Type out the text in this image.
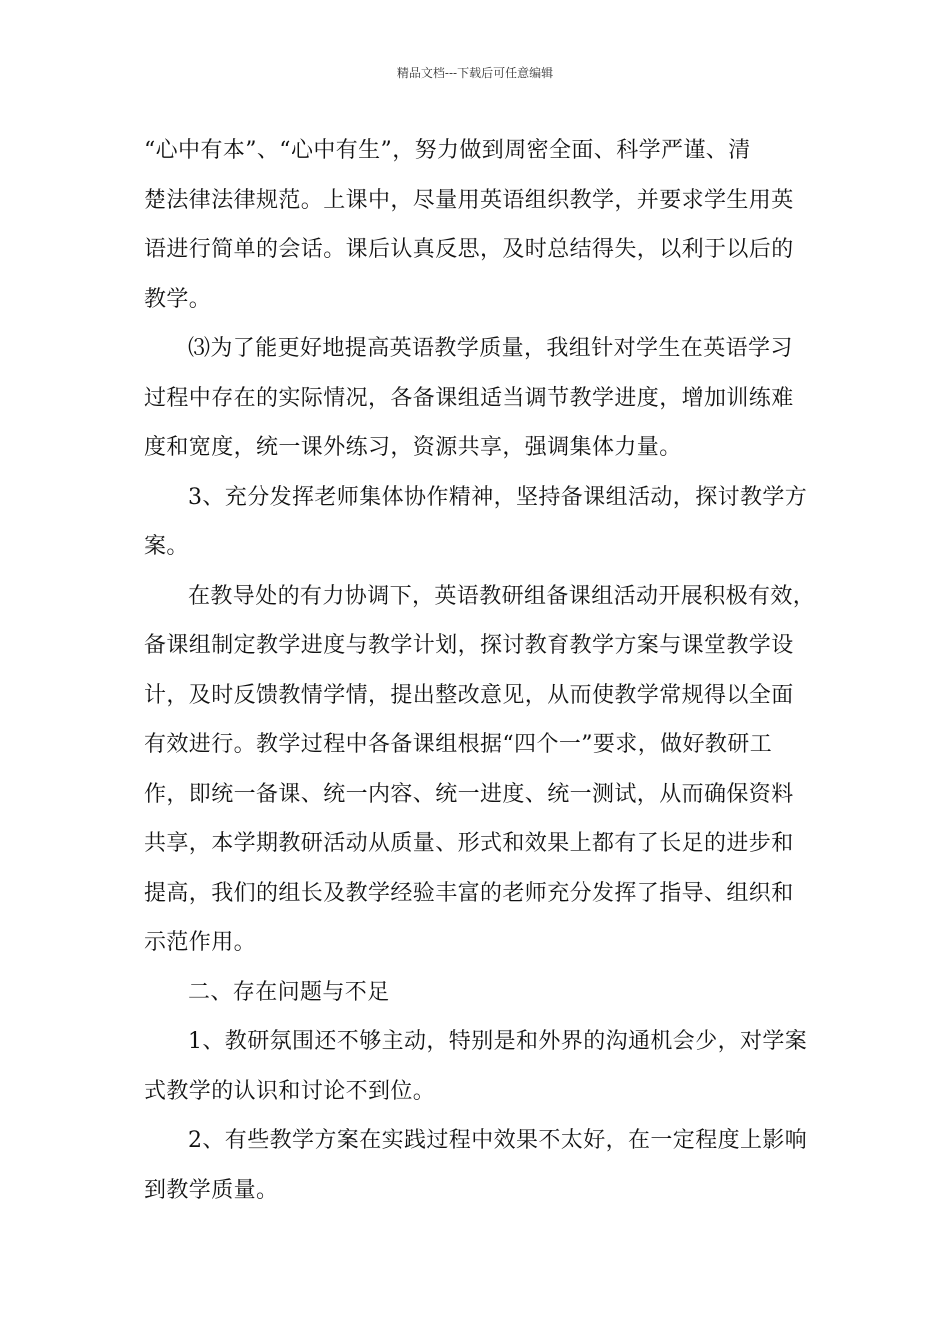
精品文档---下载后可任意编辑
“心中有本”、“心中有生”，努力做到周密全面、科学严谨、清
楚法律法律规范。上课中，尽量用英语组织教学，并要求学生用英
语进行简单的会话。课后认真反思，及时总结得失，以利于以后的
教学。
⑶为了能更好地提高英语教学质量，我组针对学生在英语学习
过程中存在的实际情况，各备课组适当调节教学进度，增加训练难
度和宽度，统一课外练习，资源共享，强调集体力量。
3、充分发挥老师集体协作精神，坚持备课组活动，探讨教学方
案。
在教导处的有力协调下，英语教研组备课组活动开展积极有效，
备课组制定教学进度与教学计划，探讨教育教学方案与课堂教学设
计，及时反馈教情学情，提出整改意见，从而使教学常规得以全面
有效进行。教学过程中各备课组根据“四个一”要求，做好教研工
作，即统一备课、统一内容、统一进度、统一测试，从而确保资料
共享，本学期教研活动从质量、形式和效果上都有了长足的进步和
提高，我们的组长及教学经验丰富的老师充分发挥了指导、组织和
示范作用。
二、存在问题与不足
1、教研氛围还不够主动，特别是和外界的沟通机会少，对学案
式教学的认识和讨论不到位。
2、有些教学方案在实践过程中效果不太好，在一定程度上影响
到教学质量。
